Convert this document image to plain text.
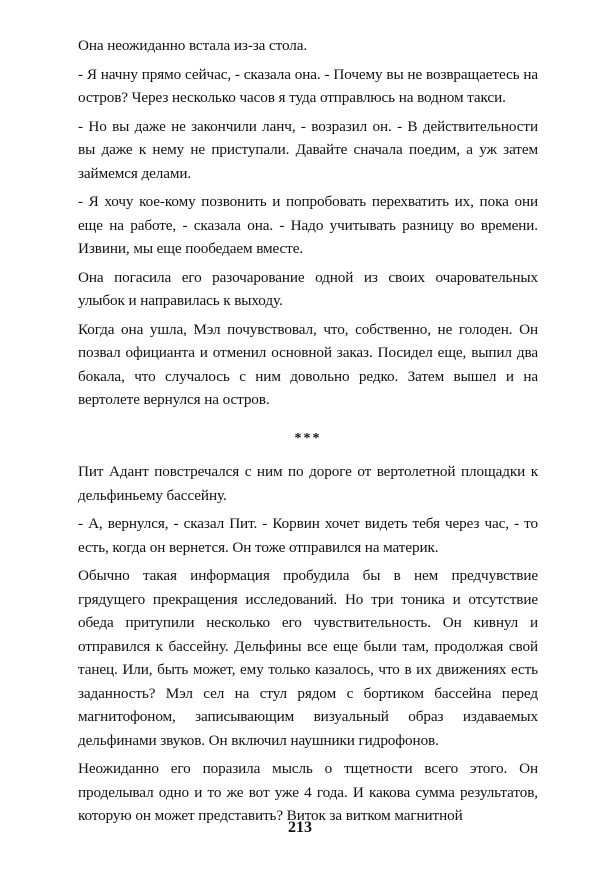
Она неожиданно встала из-за стола.

- Я начну прямо сейчас, - сказала она. - Почему вы не возвращаетесь на остров? Через несколько часов я туда отправлюсь на водном такси.

- Но вы даже не закончили ланч, - возразил он. - В действительности вы даже к нему не приступали. Давайте сначала поедим, а уж затем займемся делами.

- Я хочу кое-кому позвонить и попробовать перехватить их, пока они еще на работе, - сказала она. - Надо учитывать разницу во времени. Извини, мы еще пообедаем вместе.

Она погасила его разочарование одной из своих очаровательных улыбок и направилась к выходу.

Когда она ушла, Мэл почувствовал, что, собственно, не голоден. Он позвал официанта и отменил основной заказ. Посидел еще, выпил два бокала, что случалось с ним довольно редко. Затем вышел и на вертолете вернулся на остров.

***

Пит Адант повстречался с ним по дороге от вертолетной площадки к дельфиньему бассейну.

- А, вернулся, - сказал Пит. - Корвин хочет видеть тебя через час, - то есть, когда он вернется. Он тоже отправился на материк.

Обычно такая информация пробудила бы в нем предчувствие грядущего прекращения исследований. Но три тоника и отсутствие обеда притупили несколько его чувствительность. Он кивнул и отправился к бассейну. Дельфины все еще были там, продолжая свой танец. Или, быть может, ему только казалось, что в их движениях есть заданность? Мэл сел на стул рядом с бортиком бассейна перед магнитофоном, записывающим визуальный образ издаваемых дельфинами звуков. Он включил наушники гидрофонов.

Неожиданно его поразила мысль о тщетности всего этого. Он проделывал одно и то же вот уже 4 года. И какова сумма результатов, которую он может представить? Виток за витком магнитной

213
